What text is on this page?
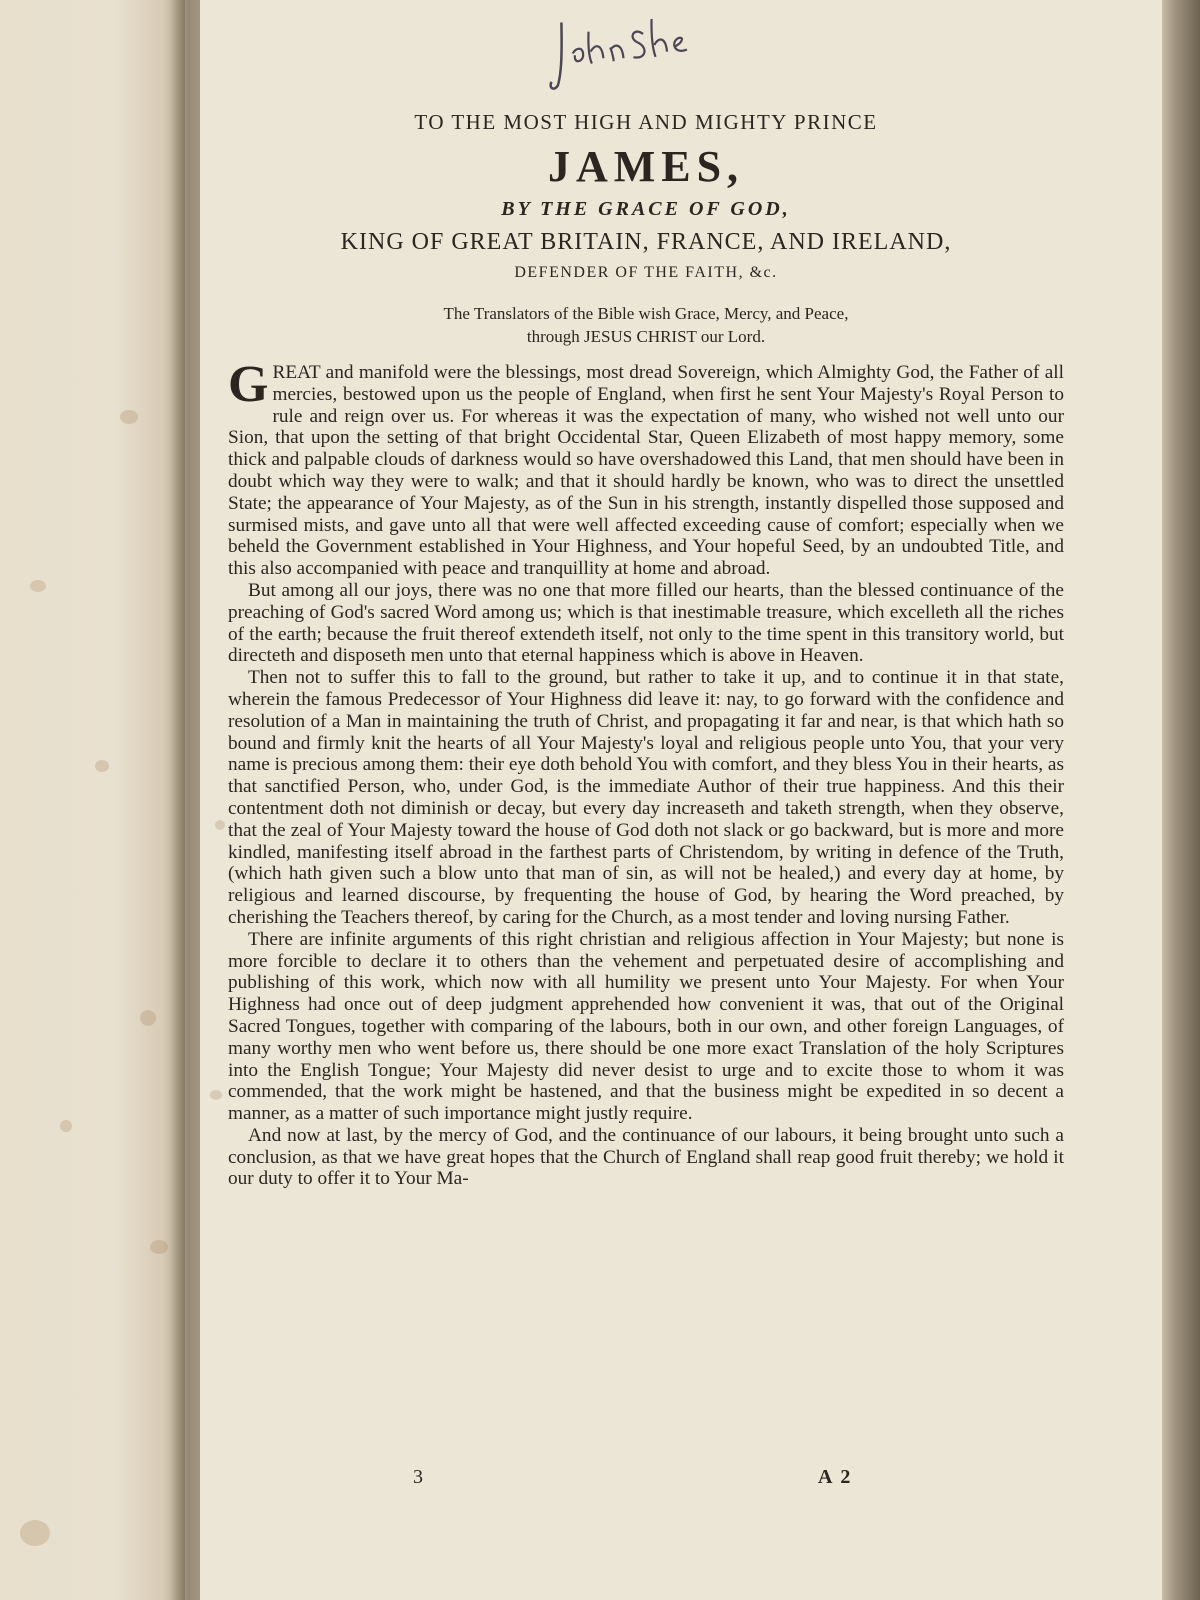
TO THE MOST HIGH AND MIGHTY PRINCE
JAMES,
BY THE GRACE OF GOD,
KING OF GREAT BRITAIN, FRANCE, AND IRELAND,
DEFENDER OF THE FAITH, &c.
The Translators of the Bible wish Grace, Mercy, and Peace,
through JESUS CHRIST our Lord.

GREAT and manifold were the blessings, most dread Sovereign, which Almighty God, the Father of all mercies, bestowed upon us the people of England, when first he sent Your Majesty's Royal Person to rule and reign over us. For whereas it was the expectation of many, who wished not well unto our Sion, that upon the setting of that bright Occidental Star, Queen Elizabeth of most happy memory, some thick and palpable clouds of darkness would so have overshadowed this Land, that men should have been in doubt which way they were to walk; and that it should hardly be known, who was to direct the unsettled State; the appearance of Your Majesty, as of the Sun in his strength, instantly dispelled those supposed and surmised mists, and gave unto all that were well affected exceeding cause of comfort; especially when we beheld the Government established in Your Highness, and Your hopeful Seed, by an undoubted Title, and this also accompanied with peace and tranquillity at home and abroad.

But among all our joys, there was no one that more filled our hearts, than the blessed continuance of the preaching of God's sacred Word among us; which is that inestimable treasure, which excelleth all the riches of the earth; because the fruit thereof extendeth itself, not only to the time spent in this transitory world, but directeth and disposeth men unto that eternal happiness which is above in Heaven.

Then not to suffer this to fall to the ground, but rather to take it up, and to continue it in that state, wherein the famous Predecessor of Your Highness did leave it: nay, to go forward with the confidence and resolution of a Man in maintaining the truth of Christ, and propagating it far and near, is that which hath so bound and firmly knit the hearts of all Your Majesty's loyal and religious people unto You, that your very name is precious among them: their eye doth behold You with comfort, and they bless You in their hearts, as that sanctified Person, who, under God, is the immediate Author of their true happiness. And this their contentment doth not diminish or decay, but every day increaseth and taketh strength, when they observe, that the zeal of Your Majesty toward the house of God doth not slack or go backward, but is more and more kindled, manifesting itself abroad in the farthest parts of Christendom, by writing in defence of the Truth, (which hath given such a blow unto that man of sin, as will not be healed,) and every day at home, by religious and learned discourse, by frequenting the house of God, by hearing the Word preached, by cherishing the Teachers thereof, by caring for the Church, as a most tender and loving nursing Father.

There are infinite arguments of this right christian and religious affection in Your Majesty; but none is more forcible to declare it to others than the vehement and perpetuated desire of accomplishing and publishing of this work, which now with all humility we present unto Your Majesty. For when Your Highness had once out of deep judgment apprehended how convenient it was, that out of the Original Sacred Tongues, together with comparing of the labours, both in our own, and other foreign Languages, of many worthy men who went before us, there should be one more exact Translation of the holy Scriptures into the English Tongue; Your Majesty did never desist to urge and to excite those to whom it was commended, that the work might be hastened, and that the business might be expedited in so decent a manner, as a matter of such importance might justly require.

And now at last, by the mercy of God, and the continuance of our labours, it being brought unto such a conclusion, as that we have great hopes that the Church of England shall reap good fruit thereby; we hold it our duty to offer it to Your Ma-

3	A 2
